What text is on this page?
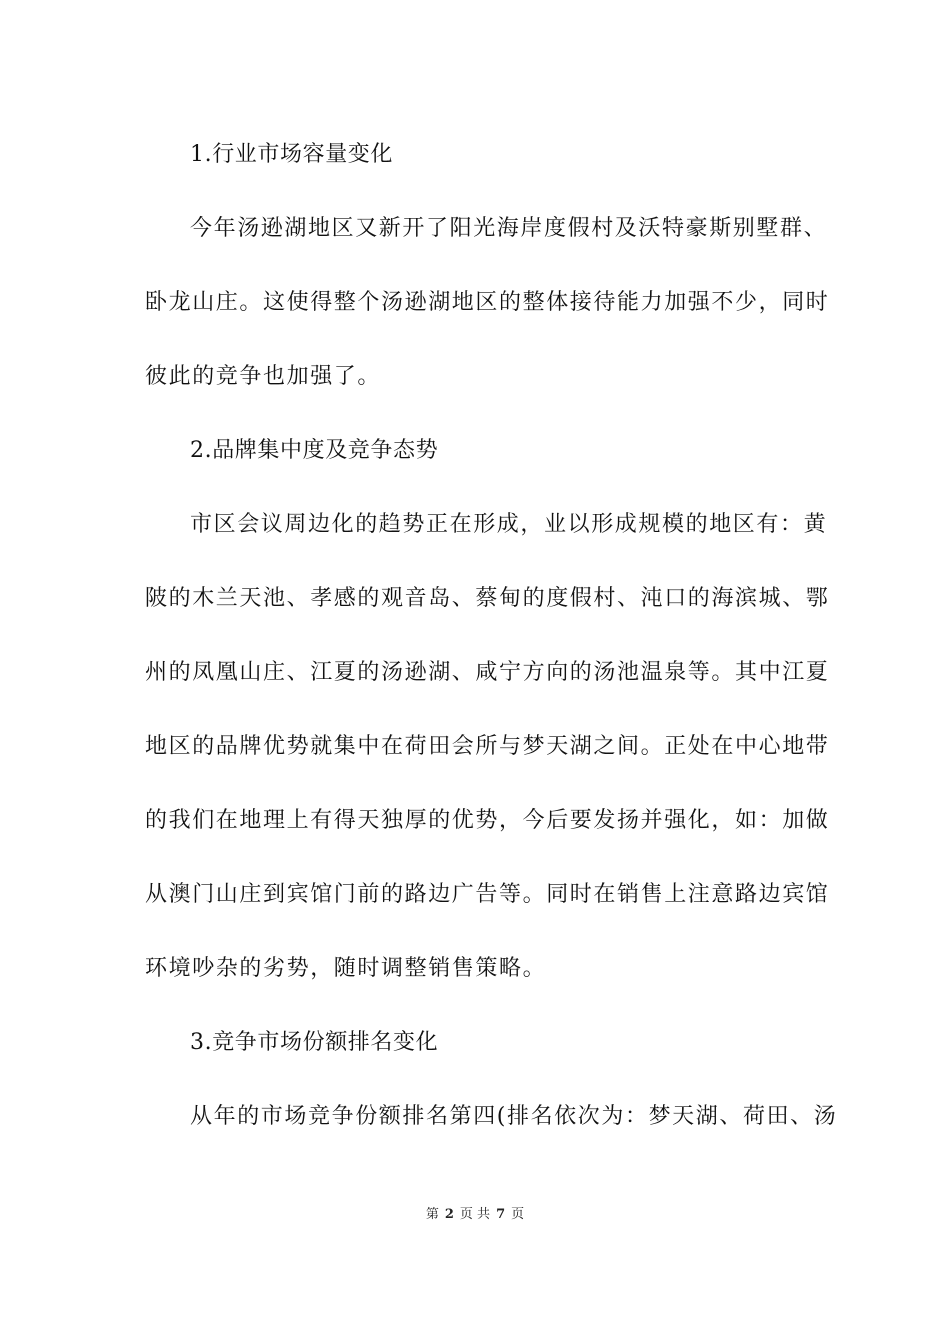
1.行业市场容量变化
今年汤逊湖地区又新开了阳光海岸度假村及沃特豪斯别墅群、
卧龙山庄。这使得整个汤逊湖地区的整体接待能力加强不少，同时
彼此的竞争也加强了。
2.品牌集中度及竞争态势
市区会议周边化的趋势正在形成，业以形成规模的地区有：黄
陂的木兰天池、孝感的观音岛、蔡甸的度假村、沌口的海滨城、鄂
州的凤凰山庄、江夏的汤逊湖、咸宁方向的汤池温泉等。其中江夏
地区的品牌优势就集中在荷田会所与梦天湖之间。正处在中心地带
的我们在地理上有得天独厚的优势，今后要发扬并强化，如：加做
从澳门山庄到宾馆门前的路边广告等。同时在销售上注意路边宾馆
环境吵杂的劣势，随时调整销售策略。
3.竞争市场份额排名变化
从年的市场竞争份额排名第四(排名依次为：梦天湖、荷田、汤
第 2 页 共 7 页
